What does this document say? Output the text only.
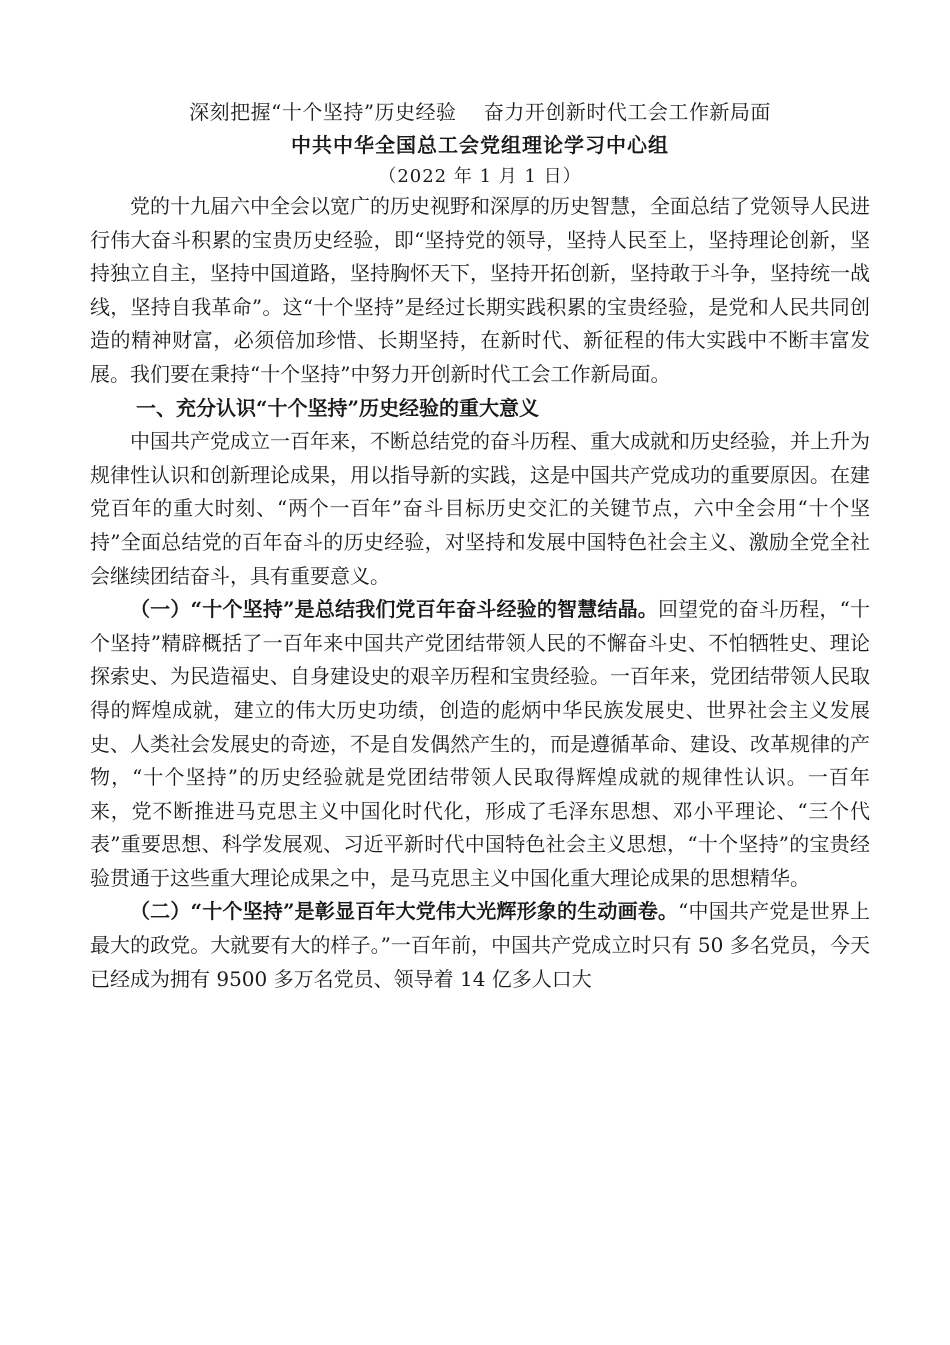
深刻把握“十个坚持”历史经验　 奋力开创新时代工会工作新局面
中共中华全国总工会党组理论学习中心组
（2022 年 1 月 1 日）

党的十九届六中全会以宽广的历史视野和深厚的历史智慧，全面总结了党领导人民进行伟大奋斗积累的宝贵历史经验，即“坚持党的领导，坚持人民至上，坚持理论创新，坚持独立自主，坚持中国道路，坚持胸怀天下，坚持开拓创新，坚持敢于斗争，坚持统一战线，坚持自我革命”。这“十个坚持”是经过长期实践积累的宝贵经验，是党和人民共同创造的精神财富，必须倍加珍惜、长期坚持，在新时代、新征程的伟大实践中不断丰富发展。我们要在秉持“十个坚持”中努力开创新时代工会工作新局面。

一、充分认识“十个坚持”历史经验的重大意义

中国共产党成立一百年来，不断总结党的奋斗历程、重大成就和历史经验，并上升为规律性认识和创新理论成果，用以指导新的实践，这是中国共产党成功的重要原因。在建党百年的重大时刻、“两个一百年”奋斗目标历史交汇的关键节点，六中全会用“十个坚持”全面总结党的百年奋斗的历史经验，对坚持和发展中国特色社会主义、激励全党全社会继续团结奋斗，具有重要意义。

（一）“十个坚持”是总结我们党百年奋斗经验的智慧结晶。回望党的奋斗历程，“十个坚持”精辟概括了一百年来中国共产党团结带领人民的不懈奋斗史、不怕牺牲史、理论探索史、为民造福史、自身建设史的艰辛历程和宝贵经验。一百年来，党团结带领人民取得的辉煌成就，建立的伟大历史功绩，创造的彪炳中华民族发展史、世界社会主义发展史、人类社会发展史的奇迹，不是自发偶然产生的，而是遵循革命、建设、改革规律的产物，“十个坚持”的历史经验就是党团结带领人民取得辉煌成就的规律性认识。一百年来，党不断推进马克思主义中国化时代化，形成了毛泽东思想、邓小平理论、“三个代表”重要思想、科学发展观、习近平新时代中国特色社会主义思想，“十个坚持”的宝贵经验贯通于这些重大理论成果之中，是马克思主义中国化重大理论成果的思想精华。

（二）“十个坚持”是彰显百年大党伟大光辉形象的生动画卷。“中国共产党是世界上最大的政党。大就要有大的样子。”一百年前，中国共产党成立时只有 50 多名党员，今天已经成为拥有 9500 多万名党员、领导着 14 亿多人口大
